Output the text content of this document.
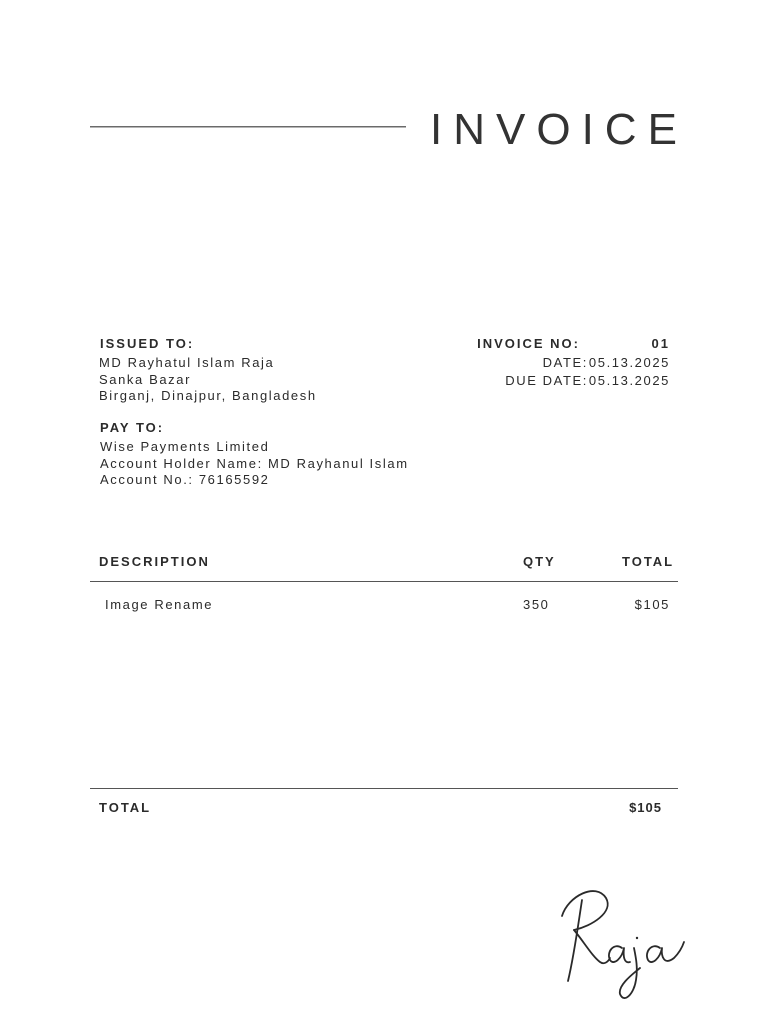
INVOICE
ISSUED TO:
MD Rayhatul Islam Raja
Sanka Bazar
Birganj, Dinajpur, Bangladesh
PAY TO:
Wise Payments Limited
Account Holder Name: MD Rayhanul Islam
Account No.: 76165592
INVOICE NO:	01
DATE: 05.13.2025
DUE DATE: 05.13.2025
DESCRIPTION	QTY	TOTAL
Image Rename	350	$105
TOTAL	$105
